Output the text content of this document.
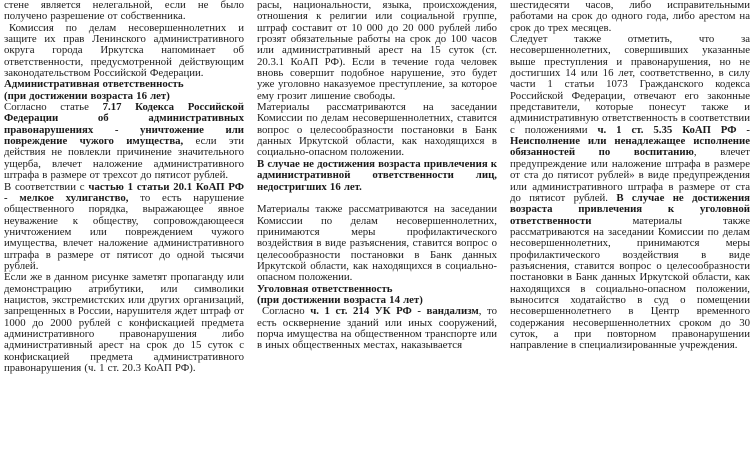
стене является нелегальной, если не было получено разрешение от собственника.

Комиссия по делам несовершеннолетних и защите их прав Ленинского административного округа города Иркутска напоминает об ответственности, предусмотренной действующим законодательством Российской Федерации.

Административная ответственность

(при достижении возраста 16 лет)

Согласно статье 7.17 Кодекса Российской Федерации об административных правонарушениях - уничтожение или повреждение чужого имущества, если эти действия не повлекли причинение значительного ущерба, влечет наложение административного штрафа в размере от трехсот до пятисот рублей.

В соответствии с частью 1 статьи 20.1 КоАП РФ - мелкое хулиганство, то есть нарушение общественного порядка, выражающее явное неуважение к обществу, сопровождающееся уничтожением или повреждением чужого имущества, влечет наложение административного штрафа в размере от пятисот до одной тысячи рублей.

Если же в данном рисунке заметят пропаганду или демонстрацию атрибутики, или символики нацистов, экстремистских или других организаций, запрещенных в России, нарушителя ждет штраф от 1000 до 2000 рублей с конфискацией предмета административного правонарушения либо административный арест на срок до 15 суток с конфискацией предмета административного правонарушения (ч. 1 ст. 20.3 КоАП РФ).

расы, национальности, языка, происхождения, отношения к религии или социальной группе, штраф составит от 10 000 до 20 000 рублей либо грозят обязательные работы на срок до 100 часов или административный арест на 15 суток (ст. 20.3.1 КоАП РФ). Если в течение года человек вновь совершит подобное нарушение, это будет уже уголовно наказуемое преступление, за которое ему грозит лишение свободы.

Материалы рассматриваются на заседании Комиссии по делам несовершеннолетних, ставится вопрос о целесообразности постановки в Банк данных Иркутской области, как находящихся в социально-опасном положении.

В случае не достижения возраста привлечения к административной ответственности лиц, недостригших 16 лет.

Материалы также рассматриваются на заседании Комиссии по делам несовершеннолетних, принимаются меры профилактического воздействия в виде разъяснения, ставится вопрос о целесообразности постановки в Банк данных Иркутской области, как находящихся в социально-опасном положении.

Уголовная ответственность

(при достижении возраста 14 лет)

Согласно ч. 1 ст. 214 УК РФ - вандализм, то есть осквернение зданий или иных сооружений, порча имущества на общественном транспорте или в иных общественных местах, наказывается

шестидесяти часов, либо исправительными работами на срок до одного года, либо арестом на срок до трех месяцев.

Следует также отметить, что за несовершеннолетних, совершивших указанные выше преступления и правонарушения, но не достигших 14 или 16 лет, соответственно, в силу части 1 статьи 1073 Гражданского кодекса Российской Федерации, отвечают его законные представители, которые понесут также и административную ответственность в соответствии с положениями ч. 1 ст. 5.35 КоАП РФ - Неисполнение или ненадлежащее исполнение обязанностей по воспитанию, влечет предупреждение или наложение штрафа в размере от ста до пятисот рублей» в виде предупреждения или административного штрафа в размере от ста до пятисот рублей. В случае не достижения возраста привлечения к уголовной ответственности материалы также рассматриваются на заседании Комиссии по делам несовершеннолетних, принимаются меры профилактического воздействия в виде разъяснения, ставится вопрос о целесообразности постановки в Банк данных Иркутской области, как находящихся в социально-опасном положении, выносится ходатайство в суд о помещении несовершеннолетнего в Центр временного содержания несовершеннолетних сроком до 30 суток, а при повторном правонарушении направление в специализированные учреждения.
